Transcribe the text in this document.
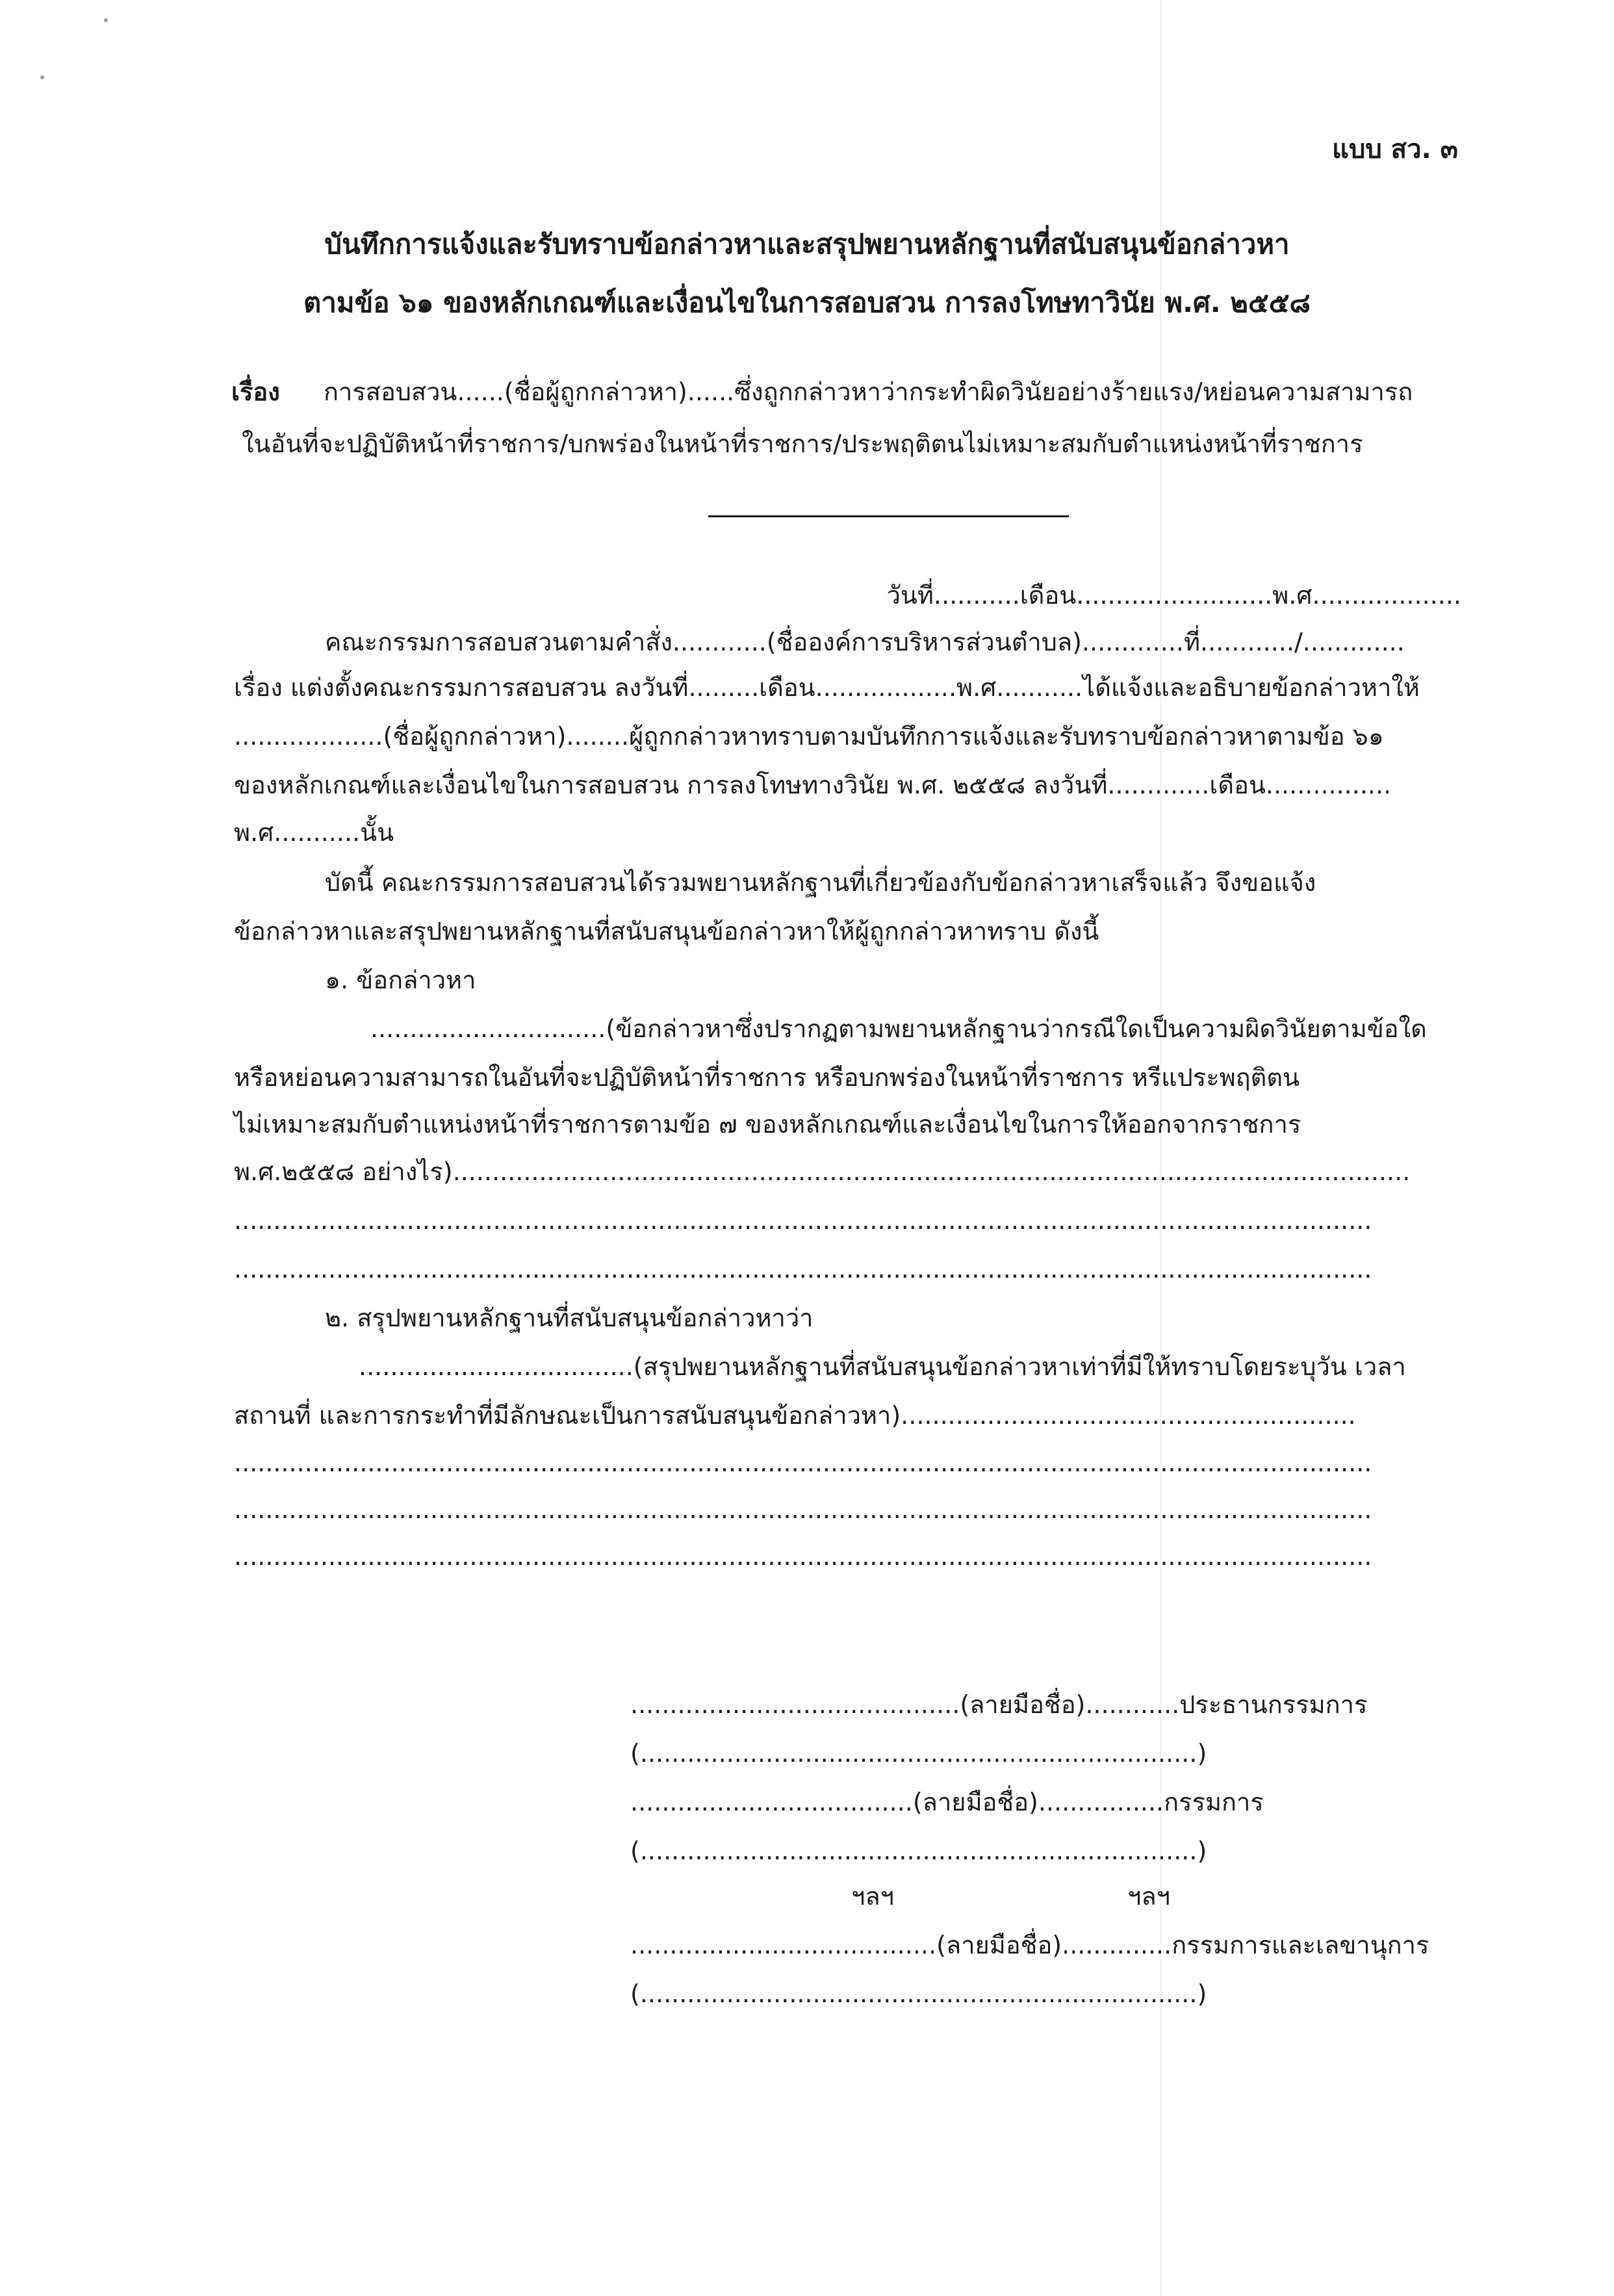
แบบ สว. ๓
บันทึกการแจ้งและรับทราบข้อกล่าวหาและสรุปพยานหลักฐานที่สนับสนุนข้อกล่าวหา
ตามข้อ ๖๑ ของหลักเกณฑ์และเงื่อนไขในการสอบสวน การลงโทษทาวินัย พ.ศ. ๒๕๕๘
เรื่อง การสอบสวน......(ชื่อผู้ถูกกล่าวหา)......ซึ่งถูกกล่าวหาว่ากระทำผิดวินัยอย่างร้ายแรง/หย่อนความสามารถ
ในอันที่จะปฏิบัติหน้าที่ราชการ/บกพร่องในหน้าที่ราชการ/ประพฤติตนไม่เหมาะสมกับตำแหน่งหน้าที่ราชการ
วันที่...........เดือน.........................พ.ศ...................
คณะกรรมการสอบสวนตามคำสั่ง............(ชื่อองค์การบริหารส่วนตำบล).............ที่............/.............
เรื่อง แต่งตั้งคณะกรรมการสอบสวน ลงวันที่.........เดือน..................พ.ศ...........ได้แจ้งและอธิบายข้อกล่าวหาให้
...................(ชื่อผู้ถูกกล่าวหา)........ผู้ถูกกล่าวหาทราบตามบันทึกการแจ้งและรับทราบข้อกล่าวหาตามข้อ ๖๑
ของหลักเกณฑ์และเงื่อนไขในการสอบสวน การลงโทษทางวินัย พ.ศ. ๒๕๕๘ ลงวันที่.............เดือน................
พ.ศ...........นั้น
บัดนี้ คณะกรรมการสอบสวนได้รวมพยานหลักฐานที่เกี่ยวข้องกับข้อกล่าวหาเสร็จแล้ว จึงขอแจ้ง
ข้อกล่าวหาและสรุปพยานหลักฐานที่สนับสนุนข้อกล่าวหาให้ผู้ถูกกล่าวหาทราบ ดังนี้
๑. ข้อกล่าวหา
..............................(ข้อกล่าวหาซึ่งปรากฏตามพยานหลักฐานว่ากรณีใดเป็นความผิดวินัยตามข้อใด
หรือหย่อนความสามารถในอันที่จะปฏิบัติหน้าที่ราชการ หรือบกพร่องในหน้าที่ราชการ หรีแประพฤติตน
ไม่เหมาะสมกับตำแหน่งหน้าที่ราชการตามข้อ ๗ ของหลักเกณฑ์และเงื่อนไขในการให้ออกจากราชการ
พ.ศ.๒๕๕๘ อย่างไร)..........................................................................................................................
.................................................................................................................................................
.................................................................................................................................................
๒. สรุปพยานหลักฐานที่สนับสนุนข้อกล่าวหาว่า
...................................(สรุปพยานหลักฐานที่สนับสนุนข้อกล่าวหาเท่าที่มีให้ทราบโดยระบุวัน เวลา
สถานที่ และการกระทำที่มีลักษณะเป็นการสนับสนุนข้อกล่าวหา)..........................................................
.................................................................................................................................................
.................................................................................................................................................
.................................................................................................................................................
..........................................(ลายมือชื่อ)............ประธานกรรมการ
(.......................................................................)
....................................(ลายมือชื่อ)................กรรมการ
(.......................................................................)
ฯลฯ	ฯลฯ
.......................................(ลายมือชื่อ)..............กรรมการและเลขานุการ
(.......................................................................)
